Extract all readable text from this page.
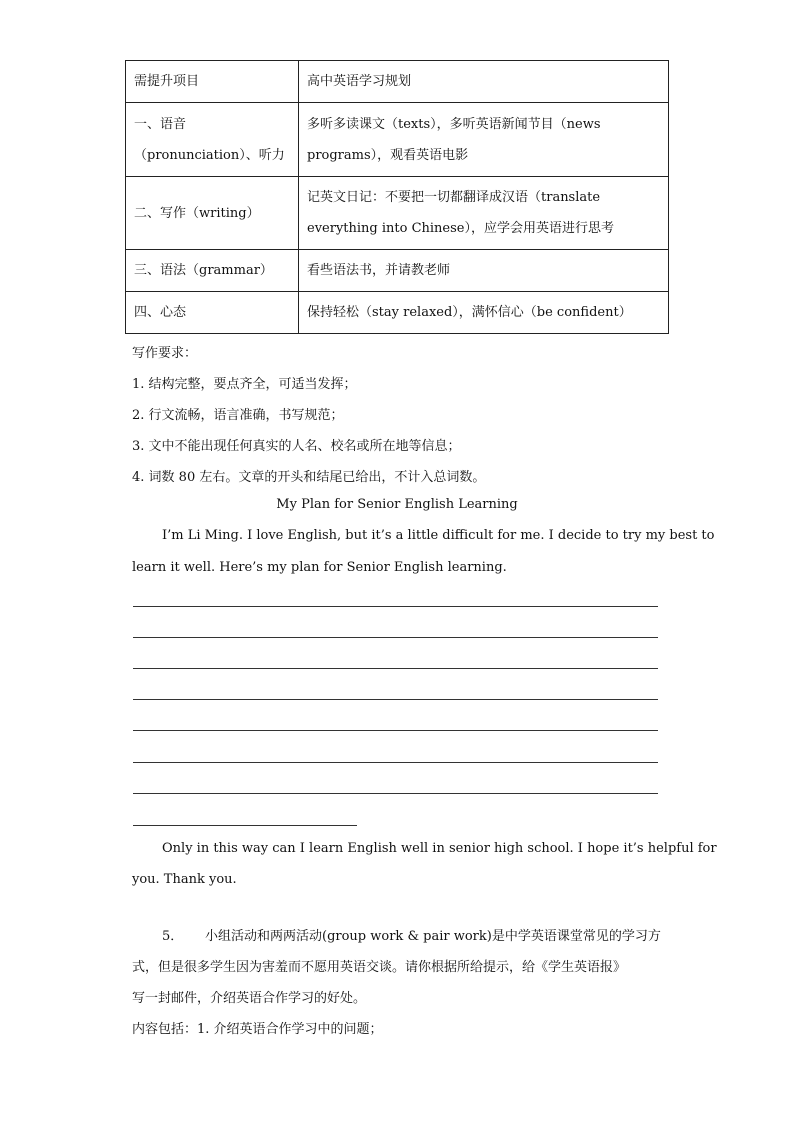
需提升项目	高中英语学习规划
一、语音（pronunciation）、听力	多听多读课文（texts），多听英语新闻节目（news programs），观看英语电影
二、写作（writing）	记英文日记：不要把一切都翻译成汉语（translate everything into Chinese），应学会用英语进行思考
三、语法（grammar）	看些语法书，并请教老师
四、心态	保持轻松（stay relaxed），满怀信心（be confident）
写作要求：
1. 结构完整，要点齐全，可适当发挥；
2. 行文流畅，语言准确，书写规范；
3. 文中不能出现任何真实的人名、校名或所在地等信息；
4. 词数 80 左右。文章的开头和结尾已给出，不计入总词数。
My Plan for Senior English Learning
I’m Li Ming. I love English, but it’s a little difficult for me. I decide to try my best to
learn it well. Here’s my plan for Senior English learning.
Only in this way can I learn English well in senior high school. I hope it’s helpful for
you. Thank you.
5． 小组活动和两两活动(group work & pair work)是中学英语课堂常见的学习方
式，但是很多学生因为害羞而不愿用英语交谈。请你根据所给提示，给《学生英语报》
写一封邮件，介绍英语合作学习的好处。
内容包括：1. 介绍英语合作学习中的问题；
